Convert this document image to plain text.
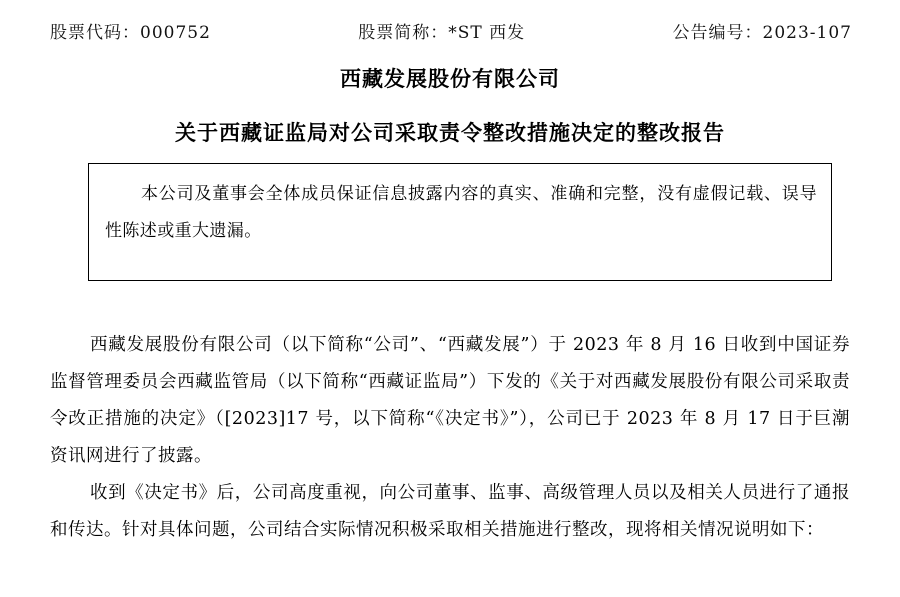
股票代码：000752	股票简称：*ST 西发	公告编号：2023-107
西藏发展股份有限公司
关于西藏证监局对公司采取责令整改措施决定的整改报告

本公司及董事会全体成员保证信息披露内容的真实、准确和完整，没有虚假记载、误导性陈述或重大遗漏。

西藏发展股份有限公司（以下简称“公司”、“西藏发展”）于 2023 年 8 月 16 日收到中国证券监督管理委员会西藏监管局（以下简称“西藏证监局”）下发的《关于对西藏发展股份有限公司采取责令改正措施的决定》（[2023]17 号，以下简称“《决定书》”），公司已于 2023 年 8 月 17 日于巨潮资讯网进行了披露。

收到《决定书》后，公司高度重视，向公司董事、监事、高级管理人员以及相关人员进行了通报和传达。针对具体问题，公司结合实际情况积极采取相关措施进行整改，现将相关情况说明如下：
